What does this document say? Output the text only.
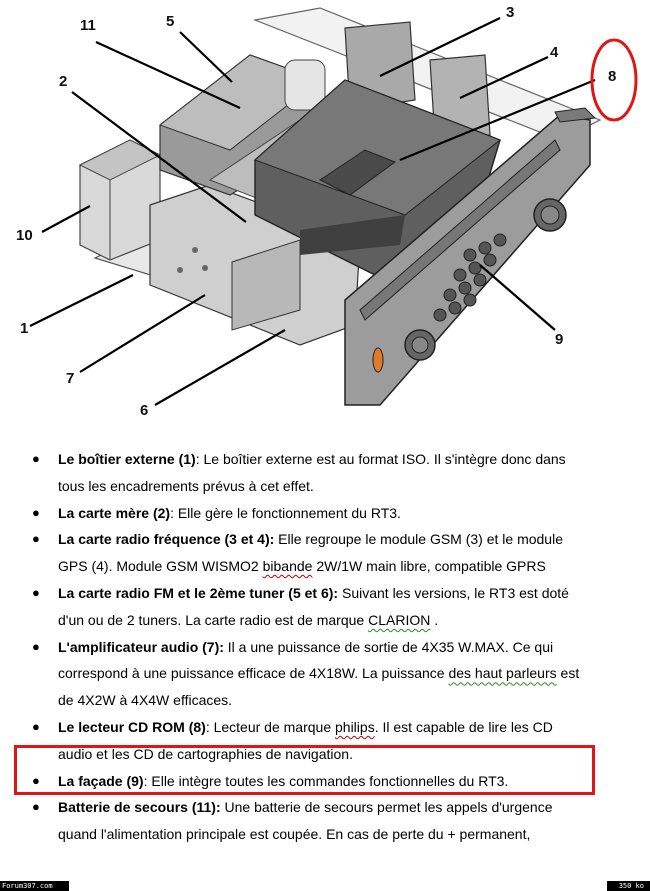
11	5
2
3
4
8
10
9
1
7
6
● Le boîtier externe (1): Le boîtier externe est au format ISO. Il s'intègre donc dans tous les encadrements prévus à cet effet.
● La carte mère (2): Elle gère le fonctionnement du RT3.
● La carte radio fréquence (3 et 4): Elle regroupe le module GSM (3) et le module GPS (4). Module GSM WISMO2 bibande 2W/1W main libre, compatible GPRS
● La carte radio FM et le 2ème tuner (5 et 6): Suivant les versions, le RT3 est doté d'un ou de 2 tuners. La carte radio est de marque CLARION .
● L'amplificateur audio (7): Il a une puissance de sortie de 4X35 W.MAX. Ce qui correspond à une puissance efficace de 4X18W. La puissance des haut parleurs est de 4X2W à 4X4W efficaces.
● Le lecteur CD ROM (8): Lecteur de marque philips. Il est capable de lire les CD audio et les CD de cartographies de navigation.
● La façade (9): Elle intègre toutes les commandes fonctionnelles du RT3.
● Batterie de secours (11): Une batterie de secours permet les appels d'urgence quand l'alimentation principale est coupée. En cas de perte du + permanent,
Forum307.com	350 ko
